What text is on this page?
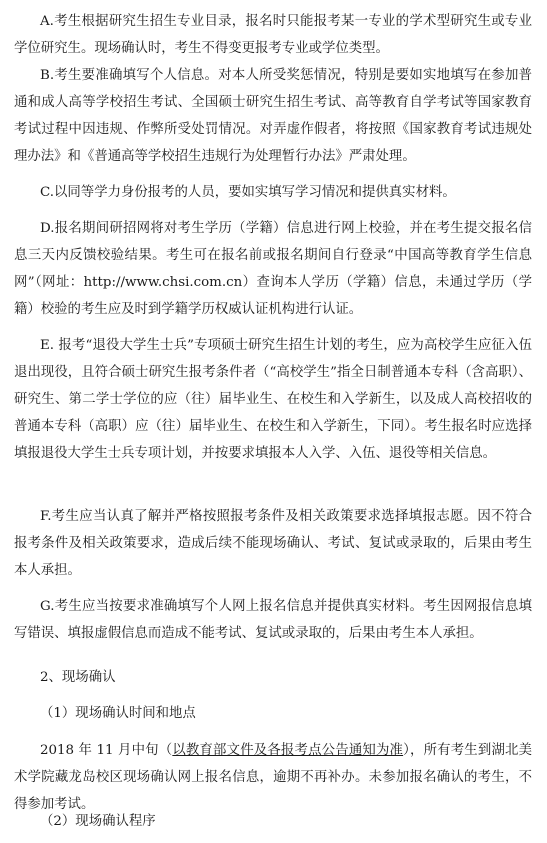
A.考生根据研究生招生专业目录，报名时只能报考某一专业的学术型研究生或专业学位研究生。现场确认时，考生不得变更报考专业或学位类型。

B.考生要准确填写个人信息。对本人所受奖惩情况，特别是要如实地填写在参加普通和成人高等学校招生考试、全国硕士研究生招生考试、高等教育自学考试等国家教育考试过程中因违规、作弊所受处罚情况。对弄虚作假者，将按照《国家教育考试违规处理办法》和《普通高等学校招生违规行为处理暂行办法》严肃处理。

C.以同等学力身份报考的人员，要如实填写学习情况和提供真实材料。

D.报名期间研招网将对考生学历（学籍）信息进行网上校验，并在考生提交报名信息三天内反馈校验结果。考生可在报名前或报名期间自行登录“中国高等教育学生信息网”（网址：http://www.chsi.com.cn）查询本人学历（学籍）信息，未通过学历（学籍）校验的考生应及时到学籍学历权威认证机构进行认证。

E. 报考“退役大学生士兵”专项硕士研究生招生计划的考生，应为高校学生应征入伍退出现役，且符合硕士研究生报考条件者（“高校学生”指全日制普通本专科（含高职）、研究生、第二学士学位的应（往）届毕业生、在校生和入学新生，以及成人高校招收的普通本专科（高职）应（往）届毕业生、在校生和入学新生，下同）。考生报名时应选择填报退役大学生士兵专项计划，并按要求填报本人入学、入伍、退役等相关信息。

F.考生应当认真了解并严格按照报考条件及相关政策要求选择填报志愿。因不符合报考条件及相关政策要求，造成后续不能现场确认、考试、复试或录取的，后果由考生本人承担。

G.考生应当按要求准确填写个人网上报名信息并提供真实材料。考生因网报信息填写错误、填报虚假信息而造成不能考试、复试或录取的，后果由考生本人承担。

2、现场确认

（1）现场确认时间和地点

2018 年 11 月中旬（以教育部文件及各报考点公告通知为准），所有考生到湖北美术学院藏龙岛校区现场确认网上报名信息，逾期不再补办。未参加报名确认的考生，不得参加考试。

（2）现场确认程序
